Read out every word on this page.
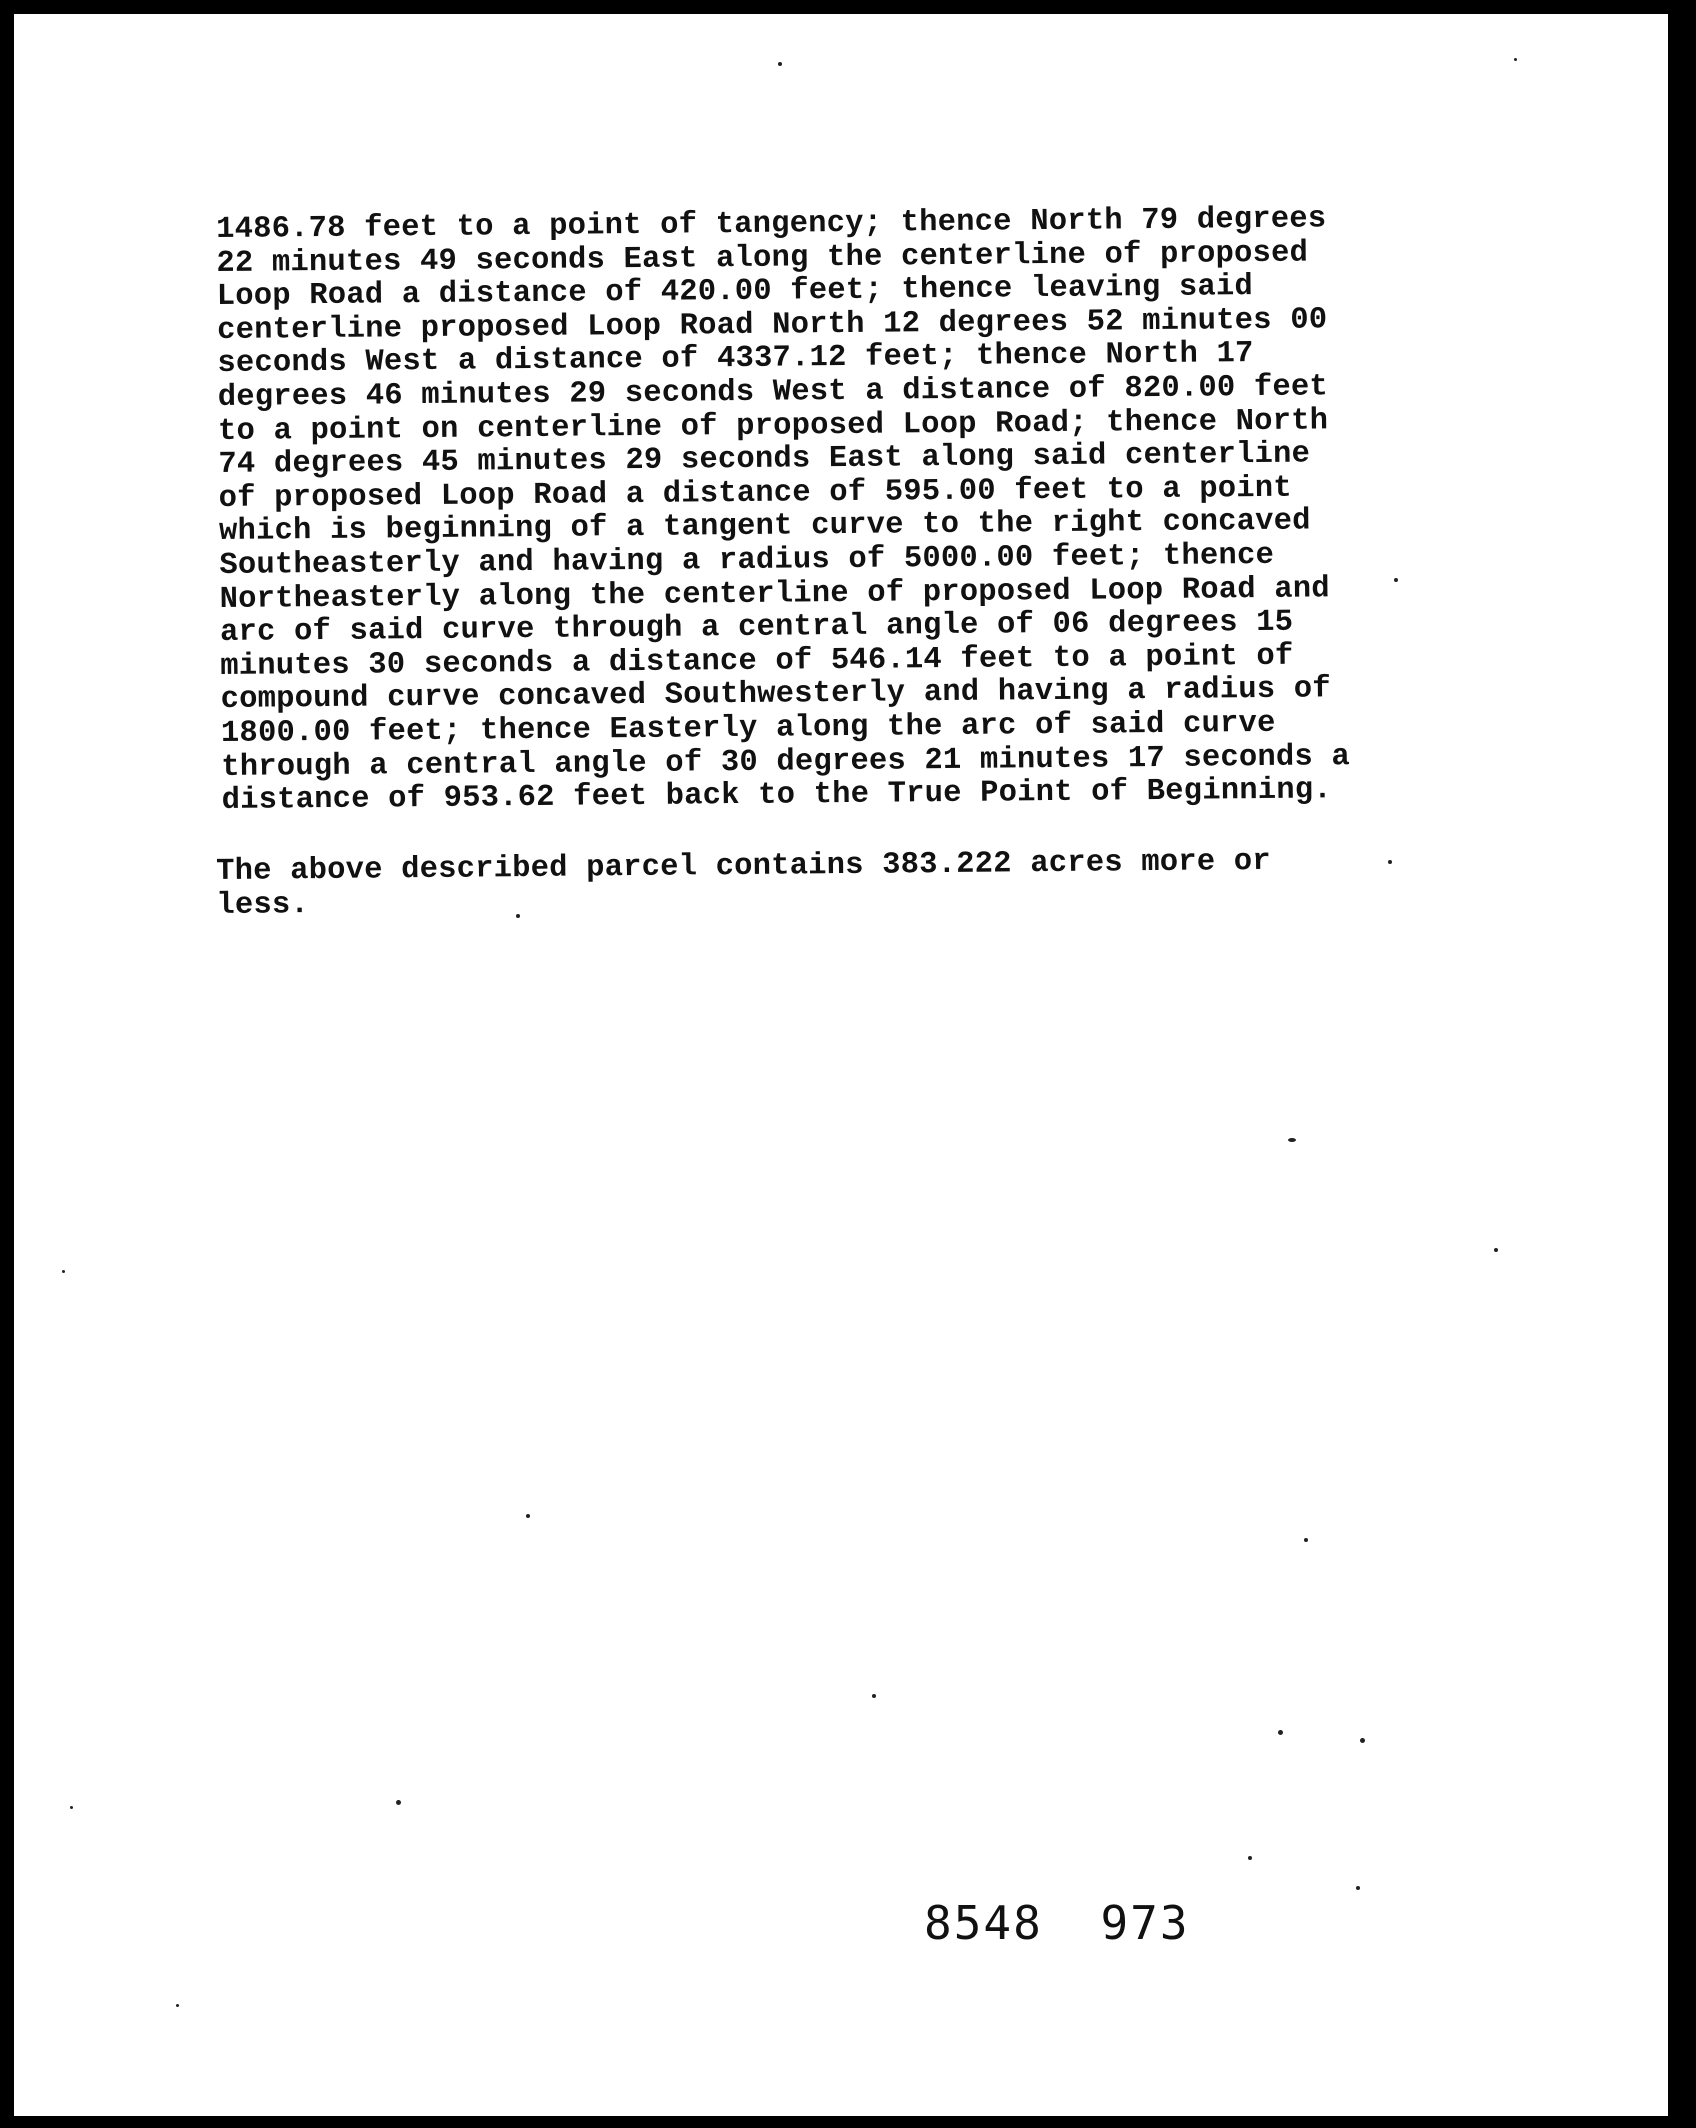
1486.78 feet to a point of tangency; thence North 79 degrees
22 minutes 49 seconds East along the centerline of proposed
Loop Road a distance of 420.00 feet; thence leaving said
centerline proposed Loop Road North 12 degrees 52 minutes 00
seconds West a distance of 4337.12 feet; thence North 17
degrees 46 minutes 29 seconds West a distance of 820.00 feet
to a point on centerline of proposed Loop Road; thence North
74 degrees 45 minutes 29 seconds East along said centerline
of proposed Loop Road a distance of 595.00 feet to a point
which is beginning of a tangent curve to the right concaved
Southeasterly and having a radius of 5000.00 feet; thence
Northeasterly along the centerline of proposed Loop Road and
arc of said curve through a central angle of 06 degrees 15
minutes 30 seconds a distance of 546.14 feet to a point of
compound curve concaved Southwesterly and having a radius of
1800.00 feet; thence Easterly along the arc of said curve
through a central angle of 30 degrees 21 minutes 17 seconds a
distance of 953.62 feet back to the True Point of Beginning.
The above described parcel contains 383.222 acres more or
less.
8548 973
